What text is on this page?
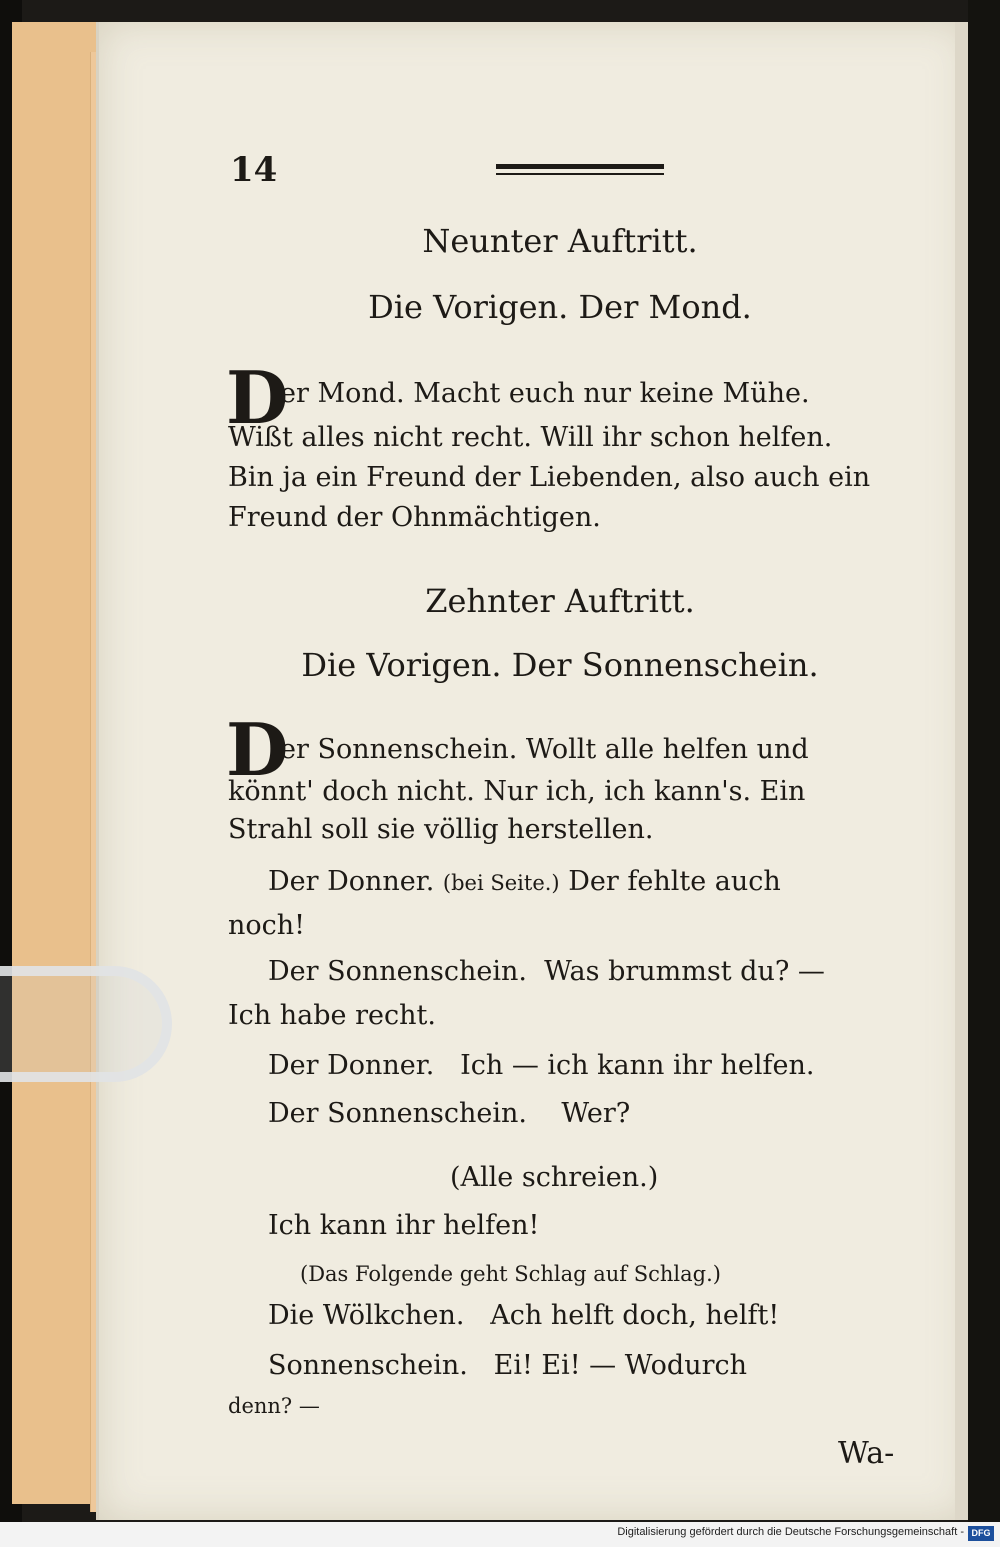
14
Neunter Auftritt.
Die Vorigen. Der Mond.
D
er Mond. Macht euch nur keine Mühe.
Wißt alles nicht recht. Will ihr schon helfen.
Bin ja ein Freund der Liebenden, also auch ein
Freund der Ohnmächtigen.
Zehnter Auftritt.
Die Vorigen. Der Sonnenschein.
D
er Sonnenschein. Wollt alle helfen und
könnt' doch nicht. Nur ich, ich kann's. Ein
Strahl soll sie völlig herstellen.
Der Donner. (bei Seite.) Der fehlte auch
noch!
Der Sonnenschein. Was brummst du? —
Ich habe recht.
Der Donner. Ich — ich kann ihr helfen.
Der Sonnenschein. Wer?
(Alle schreien.)
Ich kann ihr helfen!
(Das Folgende geht Schlag auf Schlag.)
Die Wölkchen. Ach helft doch, helft!
Sonnenschein. Ei! Ei! — Wodurch
denn? —
Wa-
Digitalisierung gefördert durch die Deutsche Forschungsgemeinschaft - DFG
